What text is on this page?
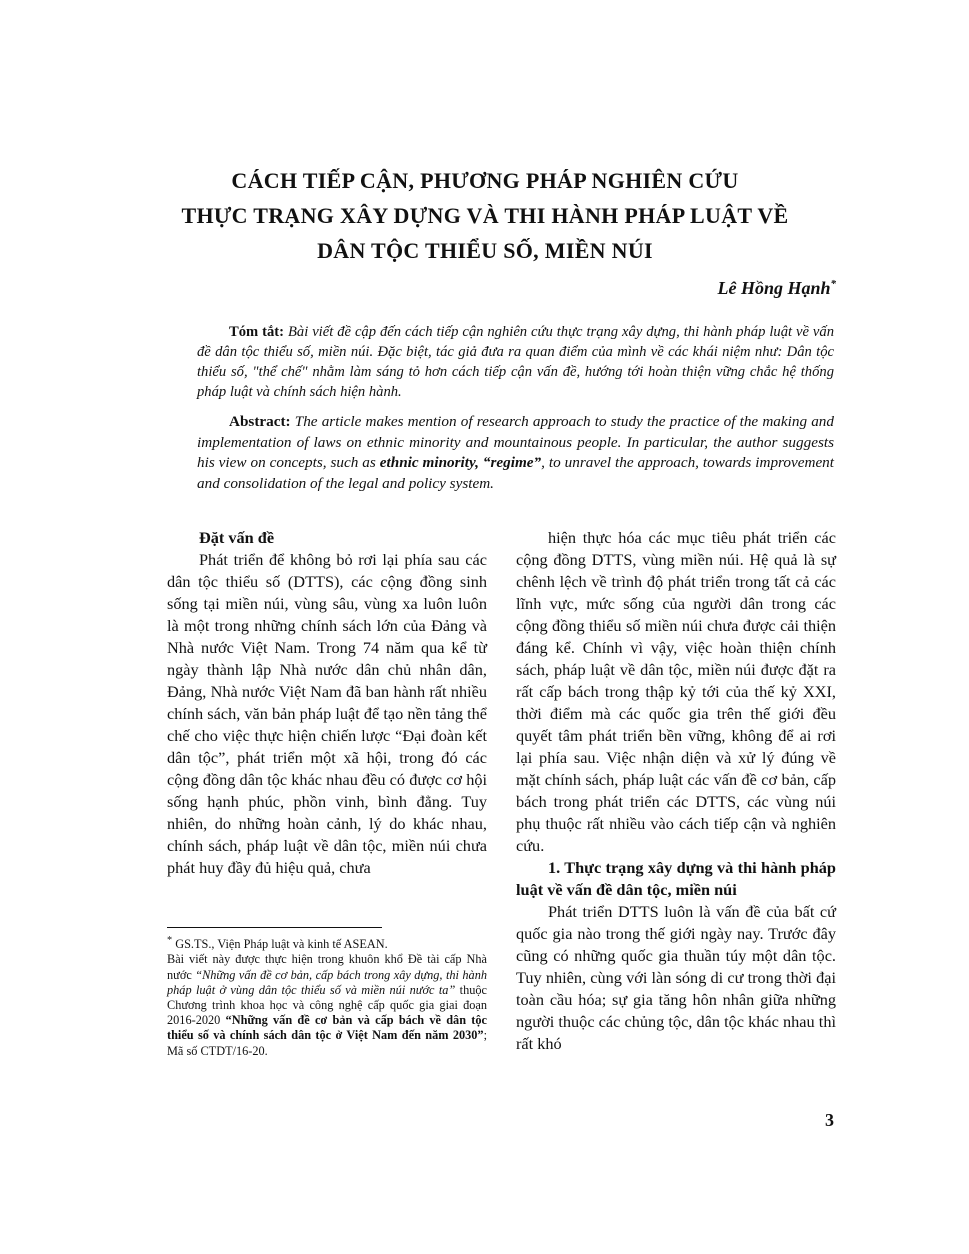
CÁCH TIẾP CẬN, PHƯƠNG PHÁP NGHIÊN CỨU
THỰC TRẠNG XÂY DỰNG VÀ THI HÀNH PHÁP LUẬT VỀ
DÂN TỘC THIỂU SỐ, MIỀN NÚI
Lê Hồng Hạnh*

Tóm tắt: Bài viết đề cập đến cách tiếp cận nghiên cứu thực trạng xây dựng, thi hành pháp luật về vấn đề dân tộc thiểu số, miền núi. Đặc biệt, tác giả đưa ra quan điểm của mình về các khái niệm như: Dân tộc thiểu số, "thể chế" nhằm làm sáng tỏ hơn cách tiếp cận vấn đề, hướng tới hoàn thiện vững chắc hệ thống pháp luật và chính sách hiện hành.

Abstract: The article makes mention of research approach to study the practice of the making and implementation of laws on ethnic minority and mountainous people. In particular, the author suggests his view on concepts, such as ethnic minority, “regime”, to unravel the approach, towards improvement and consolidation of the legal and policy system.

Đặt vấn đề

Phát triển để không bỏ rơi lại phía sau các dân tộc thiểu số (DTTS), các cộng đồng sinh sống tại miền núi, vùng sâu, vùng xa luôn luôn là một trong những chính sách lớn của Đảng và Nhà nước Việt Nam. Trong 74 năm qua kể từ ngày thành lập Nhà nước dân chủ nhân dân, Đảng, Nhà nước Việt Nam đã ban hành rất nhiều chính sách, văn bản pháp luật để tạo nền tảng thể chế cho việc thực hiện chiến lược “Đại đoàn kết dân tộc”, phát triển một xã hội, trong đó các cộng đồng dân tộc khác nhau đều có được cơ hội sống hạnh phúc, phồn vinh, bình đẳng. Tuy nhiên, do những hoàn cảnh, lý do khác nhau, chính sách, pháp luật về dân tộc, miền núi chưa phát huy đầy đủ hiệu quả, chưa

* GS.TS., Viện Pháp luật và kinh tế ASEAN.

Bài viết này được thực hiện trong khuôn khổ Đề tài cấp Nhà nước “Những vấn đề cơ bản, cấp bách trong xây dựng, thi hành pháp luật ở vùng dân tộc thiểu số và miền núi nước ta” thuộc Chương trình khoa học và công nghệ cấp quốc gia giai đoạn 2016-2020 “Những vấn đề cơ bản và cấp bách về dân tộc thiểu số và chính sách dân tộc ở Việt Nam đến năm 2030”; Mã số CTDT/16-20.

hiện thực hóa các mục tiêu phát triển các cộng đồng DTTS, vùng miền núi. Hệ quả là sự chênh lệch về trình độ phát triển trong tất cả các lĩnh vực, mức sống của người dân trong các cộng đồng thiểu số miền núi chưa được cải thiện đáng kể. Chính vì vậy, việc hoàn thiện chính sách, pháp luật về dân tộc, miền núi được đặt ra rất cấp bách trong thập kỷ tới của thế kỷ XXI, thời điểm mà các quốc gia trên thế giới đều quyết tâm phát triển bền vững, không để ai rơi lại phía sau. Việc nhận diện và xử lý đúng về mặt chính sách, pháp luật các vấn đề cơ bản, cấp bách trong phát triển các DTTS, các vùng núi phụ thuộc rất nhiều vào cách tiếp cận và nghiên cứu.

1. Thực trạng xây dựng và thi hành pháp luật về vấn đề dân tộc, miền núi

Phát triển DTTS luôn là vấn đề của bất cứ quốc gia nào trong thế giới ngày nay. Trước đây cũng có những quốc gia thuần túy một dân tộc. Tuy nhiên, cùng với làn sóng di cư trong thời đại toàn cầu hóa; sự gia tăng hôn nhân giữa những người thuộc các chủng tộc, dân tộc khác nhau thì rất khó

3
